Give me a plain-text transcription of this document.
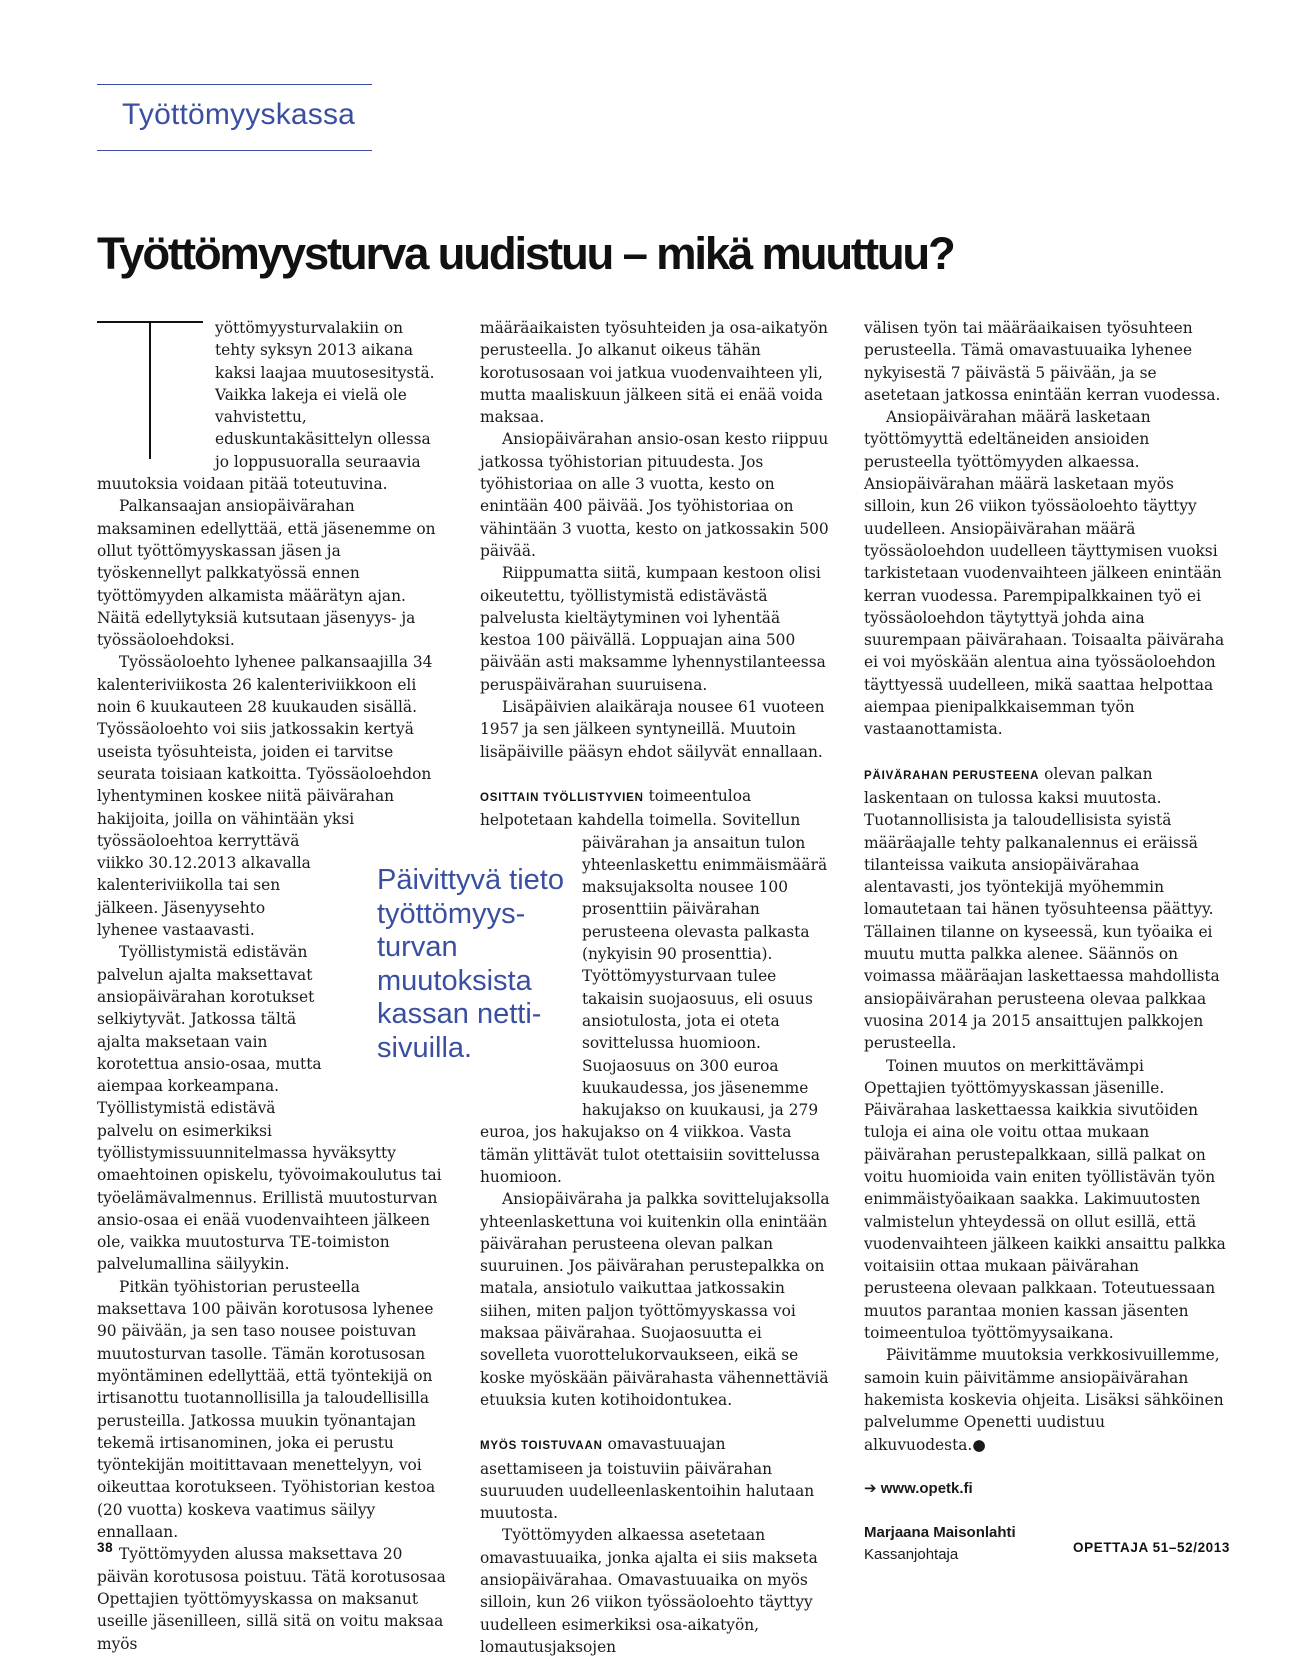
Työttömyyskassa
Työttömyysturva uudistuu – mikä muuttuu?

yöttömyysturvalakiin on tehty syksyn 2013 aikana kaksi laajaa muutosesitystä. Vaikka lakeja ei vielä ole vahvistettu, eduskuntakäsittelyn ollessa jo loppusuoralla seuraavia muutoksia voidaan pitää toteutuvina.

Palkansaajan ansiopäivärahan maksaminen edellyttää, että jäsenemme on ollut työttömyyskassan jäsen ja työskennellyt palkkatyössä ennen työttömyyden alkamista määrätyn ajan. Näitä edellytyksiä kutsutaan jäsenyys- ja työssäoloehdoksi.

Työssäoloehto lyhenee palkansaajilla 34 kalenteriviikosta 26 kalenteriviikkoon eli noin 6 kuukauteen 28 kuukauden sisällä. Työssäoloehto voi siis jatkossakin kertyä useista työsuhteista, joiden ei tarvitse seurata toisiaan katkoitta. Työssäoloehdon lyhentyminen koskee niitä päivärahan hakijoita, joilla on vähintään yksi työssäoloehtoa kerryttävä viikko 30.12.2013 alkavalla kalenteriviikolla tai sen jälkeen. Jäsenyysehto lyhenee vastaavasti.

Työllistymistä edistävän palvelun ajalta maksettavat ansiopäivärahan korotukset selkiytyvät. Jatkossa tältä ajalta maksetaan vain korotettua ansio-osaa, mutta aiempaa korkeampana. Työllistymistä edistävä palvelu on esimerkiksi työllistymissuunnitelmassa hyväksytty omaehtoinen opiskelu, työvoimakoulutus tai työelämävalmennus. Erillistä muutosturvan ansio-osaa ei enää vuodenvaihteen jälkeen ole, vaikka muutosturva TE-toimiston palvelumallina säilyykin.

Pitkän työhistorian perusteella maksettava 100 päivän korotusosa lyhenee 90 päivään, ja sen taso nousee poistuvan muutosturvan tasolle. Tämän korotusosan myöntäminen edellyttää, että työntekijä on irtisanottu tuotannollisilla ja taloudellisilla perusteilla. Jatkossa muukin työnantajan tekemä irtisanominen, joka ei perustu työntekijän moitittavaan menettelyyn, voi oikeuttaa korotukseen. Työhistorian kestoa (20 vuotta) koskeva vaatimus säilyy ennallaan.

Työttömyyden alussa maksettava 20 päivän korotusosa poistuu. Tätä korotusosaa Opettajien työttömyyskassa on maksanut useille jäsenilleen, sillä sitä on voitu maksaa myös

määräaikaisten työsuhteiden ja osa-aikatyön perusteella. Jo alkanut oikeus tähän korotusosaan voi jatkua vuodenvaihteen yli, mutta maaliskuun jälkeen sitä ei enää voida maksaa.

Ansiopäivärahan ansio-osan kesto riippuu jatkossa työhistorian pituudesta. Jos työhistoriaa on alle 3 vuotta, kesto on enintään 400 päivää. Jos työhistoriaa on vähintään 3 vuotta, kesto on jatkossakin 500 päivää.

Riippumatta siitä, kumpaan kestoon olisi oikeutettu, työllistymistä edistävästä palvelusta kieltäytyminen voi lyhentää kestoa 100 päivällä. Loppuajan aina 500 päivään asti maksamme lyhennystilanteessa peruspäivärahan suuruisena.

Lisäpäivien alaikäraja nousee 61 vuoteen 1957 ja sen jälkeen syntyneillä. Muutoin lisäpäiville pääsyn ehdot säilyvät ennallaan.

OSITTAIN TYÖLLISTYVIEN toimeentuloa helpotetaan kahdella toimella. Sovitellun päivärahan ja ansaitun tulon yhteenlaskettu enimmäismäärä maksujaksolta nousee 100 prosenttiin päivärahan perusteena olevasta palkasta (nykyisin 90 prosenttia). Työttömyysturvaan tulee takaisin suojaosuus, eli osuus ansiotulosta, jota ei oteta sovittelussa huomioon. Suojaosuus on 300 euroa kuukaudessa, jos jäsenemme hakujakso on kuukausi, ja 279 euroa, jos hakujakso on 4 viikkoa. Vasta tämän ylittävät tulot otettaisiin sovittelussa huomioon.

Ansiopäiväraha ja palkka sovittelujaksolla yhteenlaskettuna voi kuitenkin olla enintään päivärahan perusteena olevan palkan suuruinen. Jos päivärahan perustepalkka on matala, ansiotulo vaikuttaa jatkossakin siihen, miten paljon työttömyyskassa voi maksaa päivärahaa. Suojaosuutta ei sovelleta vuorottelukorvaukseen, eikä se koske myöskään päivärahasta vähennettäviä etuuksia kuten kotihoidontukea.

MYÖS TOISTUVAAN omavastuuajan asettamiseen ja toistuviin päivärahan suuruuden uudelleenlaskentoihin halutaan muutosta.

Työttömyyden alkaessa asetetaan omavastuuaika, jonka ajalta ei siis makseta ansiopäivärahaa. Omavastuuaika on myös silloin, kun 26 viikon työssäoloehto täyttyy uudelleen esimerkiksi osa-aikatyön, lomautusjaksojen

Päivittyvä tieto työttömyys-turvan muutoksista kassan netti-sivuilla.

välisen työn tai määräaikaisen työsuhteen perusteella. Tämä omavastuuaika lyhenee nykyisestä 7 päivästä 5 päivään, ja se asetetaan jatkossa enintään kerran vuodessa.

Ansiopäivärahan määrä lasketaan työttömyyttä edeltäneiden ansioiden perusteella työttömyyden alkaessa. Ansiopäivärahan määrä lasketaan myös silloin, kun 26 viikon työssäoloehto täyttyy uudelleen. Ansiopäivärahan määrä työssäoloehdon uudelleen täyttymisen vuoksi tarkistetaan vuodenvaihteen jälkeen enintään kerran vuodessa. Parempipalkkainen työ ei työssäoloehdon täytyttyä johda aina suurempaan päivärahaan. Toisaalta päiväraha ei voi myöskään alentua aina työssäoloehdon täyttyessä uudelleen, mikä saattaa helpottaa aiempaa pienipalkkaisemman työn vastaanottamista.

PÄIVÄRAHAN PERUSTEENA olevan palkan laskentaan on tulossa kaksi muutosta. Tuotannollisista ja taloudellisista syistä määräajalle tehty palkanalennus ei eräissä tilanteissa vaikuta ansiopäivärahaa alentavasti, jos työntekijä myöhemmin lomautetaan tai hänen työsuhteensa päättyy. Tällainen tilanne on kyseessä, kun työaika ei muutu mutta palkka alenee. Säännös on voimassa määräajan laskettaessa mahdollista ansiopäivärahan perusteena olevaa palkkaa vuosina 2014 ja 2015 ansaittujen palkkojen perusteella.

Toinen muutos on merkittävämpi Opettajien työttömyyskassan jäsenille. Päivärahaa laskettaessa kaikkia sivutöiden tuloja ei aina ole voitu ottaa mukaan päivärahan perustepalkkaan, sillä palkat on voitu huomioida vain eniten työllistävän työn enimmäistyöaikaan saakka. Lakimuutosten valmistelun yhteydessä on ollut esillä, että vuodenvaihteen jälkeen kaikki ansaittu palkka voitaisiin ottaa mukaan päivärahan perusteena olevaan palkkaan. Toteutuessaan muutos parantaa monien kassan jäsenten toimeentuloa työttömyysaikana.

Päivitämme muutoksia verkkosivuillemme, samoin kuin päivitämme ansiopäivärahan hakemista koskevia ohjeita. Lisäksi sähköinen palvelumme Openetti uudistuu alkuvuodesta.●

➔ www.opetk.fi

Marjaana Maisonlahti

Kassanjohtaja

38	OPETTAJA 51–52/2013
